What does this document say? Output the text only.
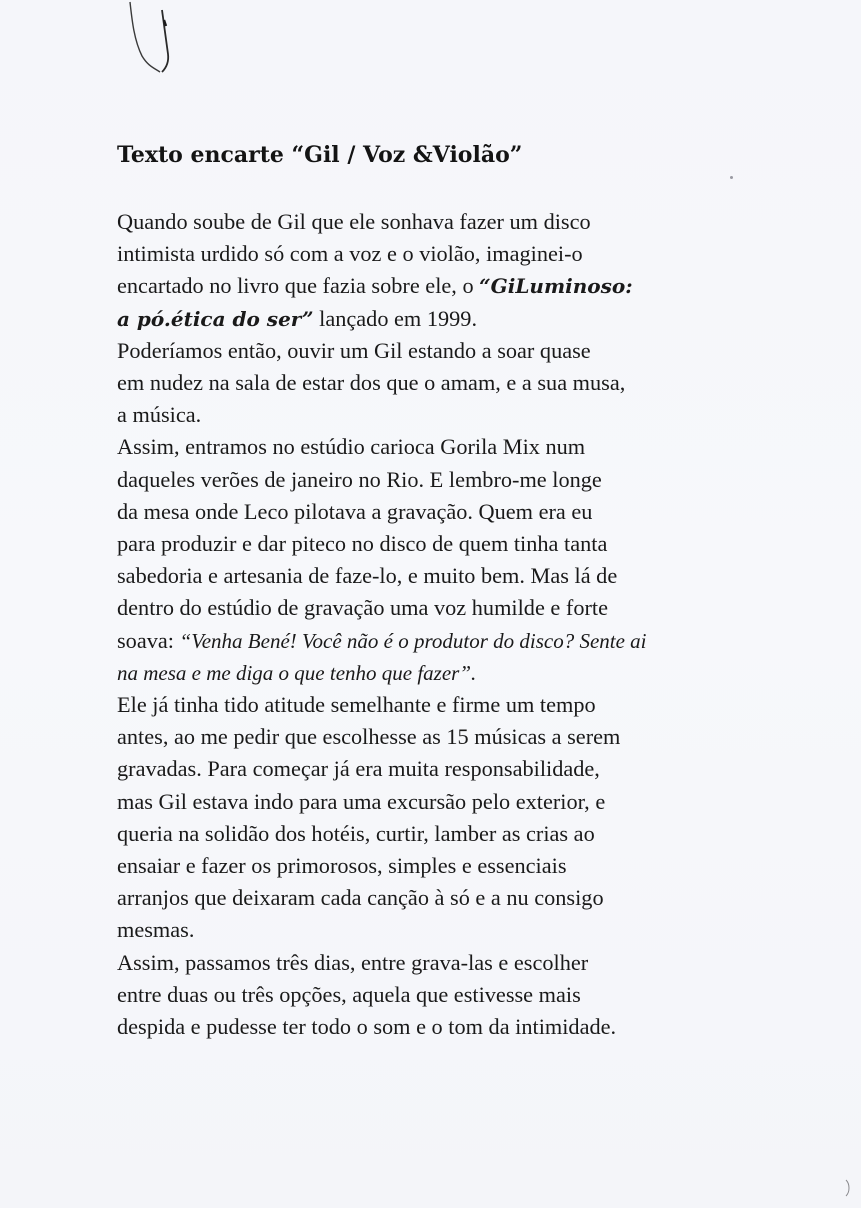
Texto encarte “Gil / Voz &Violão”
Quando soube de Gil que ele sonhava fazer um disco
intimista urdido só com a voz e o violão, imaginei-o
encartado no livro que fazia sobre ele, o “GiLuminoso:
a pó.ética do ser” lançado em 1999.
Poderíamos então, ouvir um Gil estando a soar quase
em nudez na sala de estar dos que o amam, e a sua musa,
a música.
Assim, entramos no estúdio carioca Gorila Mix num
daqueles verões de janeiro no Rio. E lembro-me longe
da mesa onde Leco pilotava a gravação. Quem era eu
para produzir e dar piteco no disco de quem tinha tanta
sabedoria e artesania de faze-lo, e muito bem. Mas lá de
dentro do estúdio de gravação uma voz humilde e forte
soava: “Venha Bené! Você não é o produtor do disco? Sente ai
na mesa e me diga o que tenho que fazer”.
Ele já tinha tido atitude semelhante e firme um tempo
antes, ao me pedir que escolhesse as 15 músicas a serem
gravadas. Para começar já era muita responsabilidade,
mas Gil estava indo para uma excursão pelo exterior, e
queria na solidão dos hotéis, curtir, lamber as crias ao
ensaiar e fazer os primorosos, simples e essenciais
arranjos que deixaram cada canção à só e a nu consigo
mesmas.
Assim, passamos três dias, entre grava-las e escolher
entre duas ou três opções, aquela que estivesse mais
despida e pudesse ter todo o som e o tom da intimidade.
